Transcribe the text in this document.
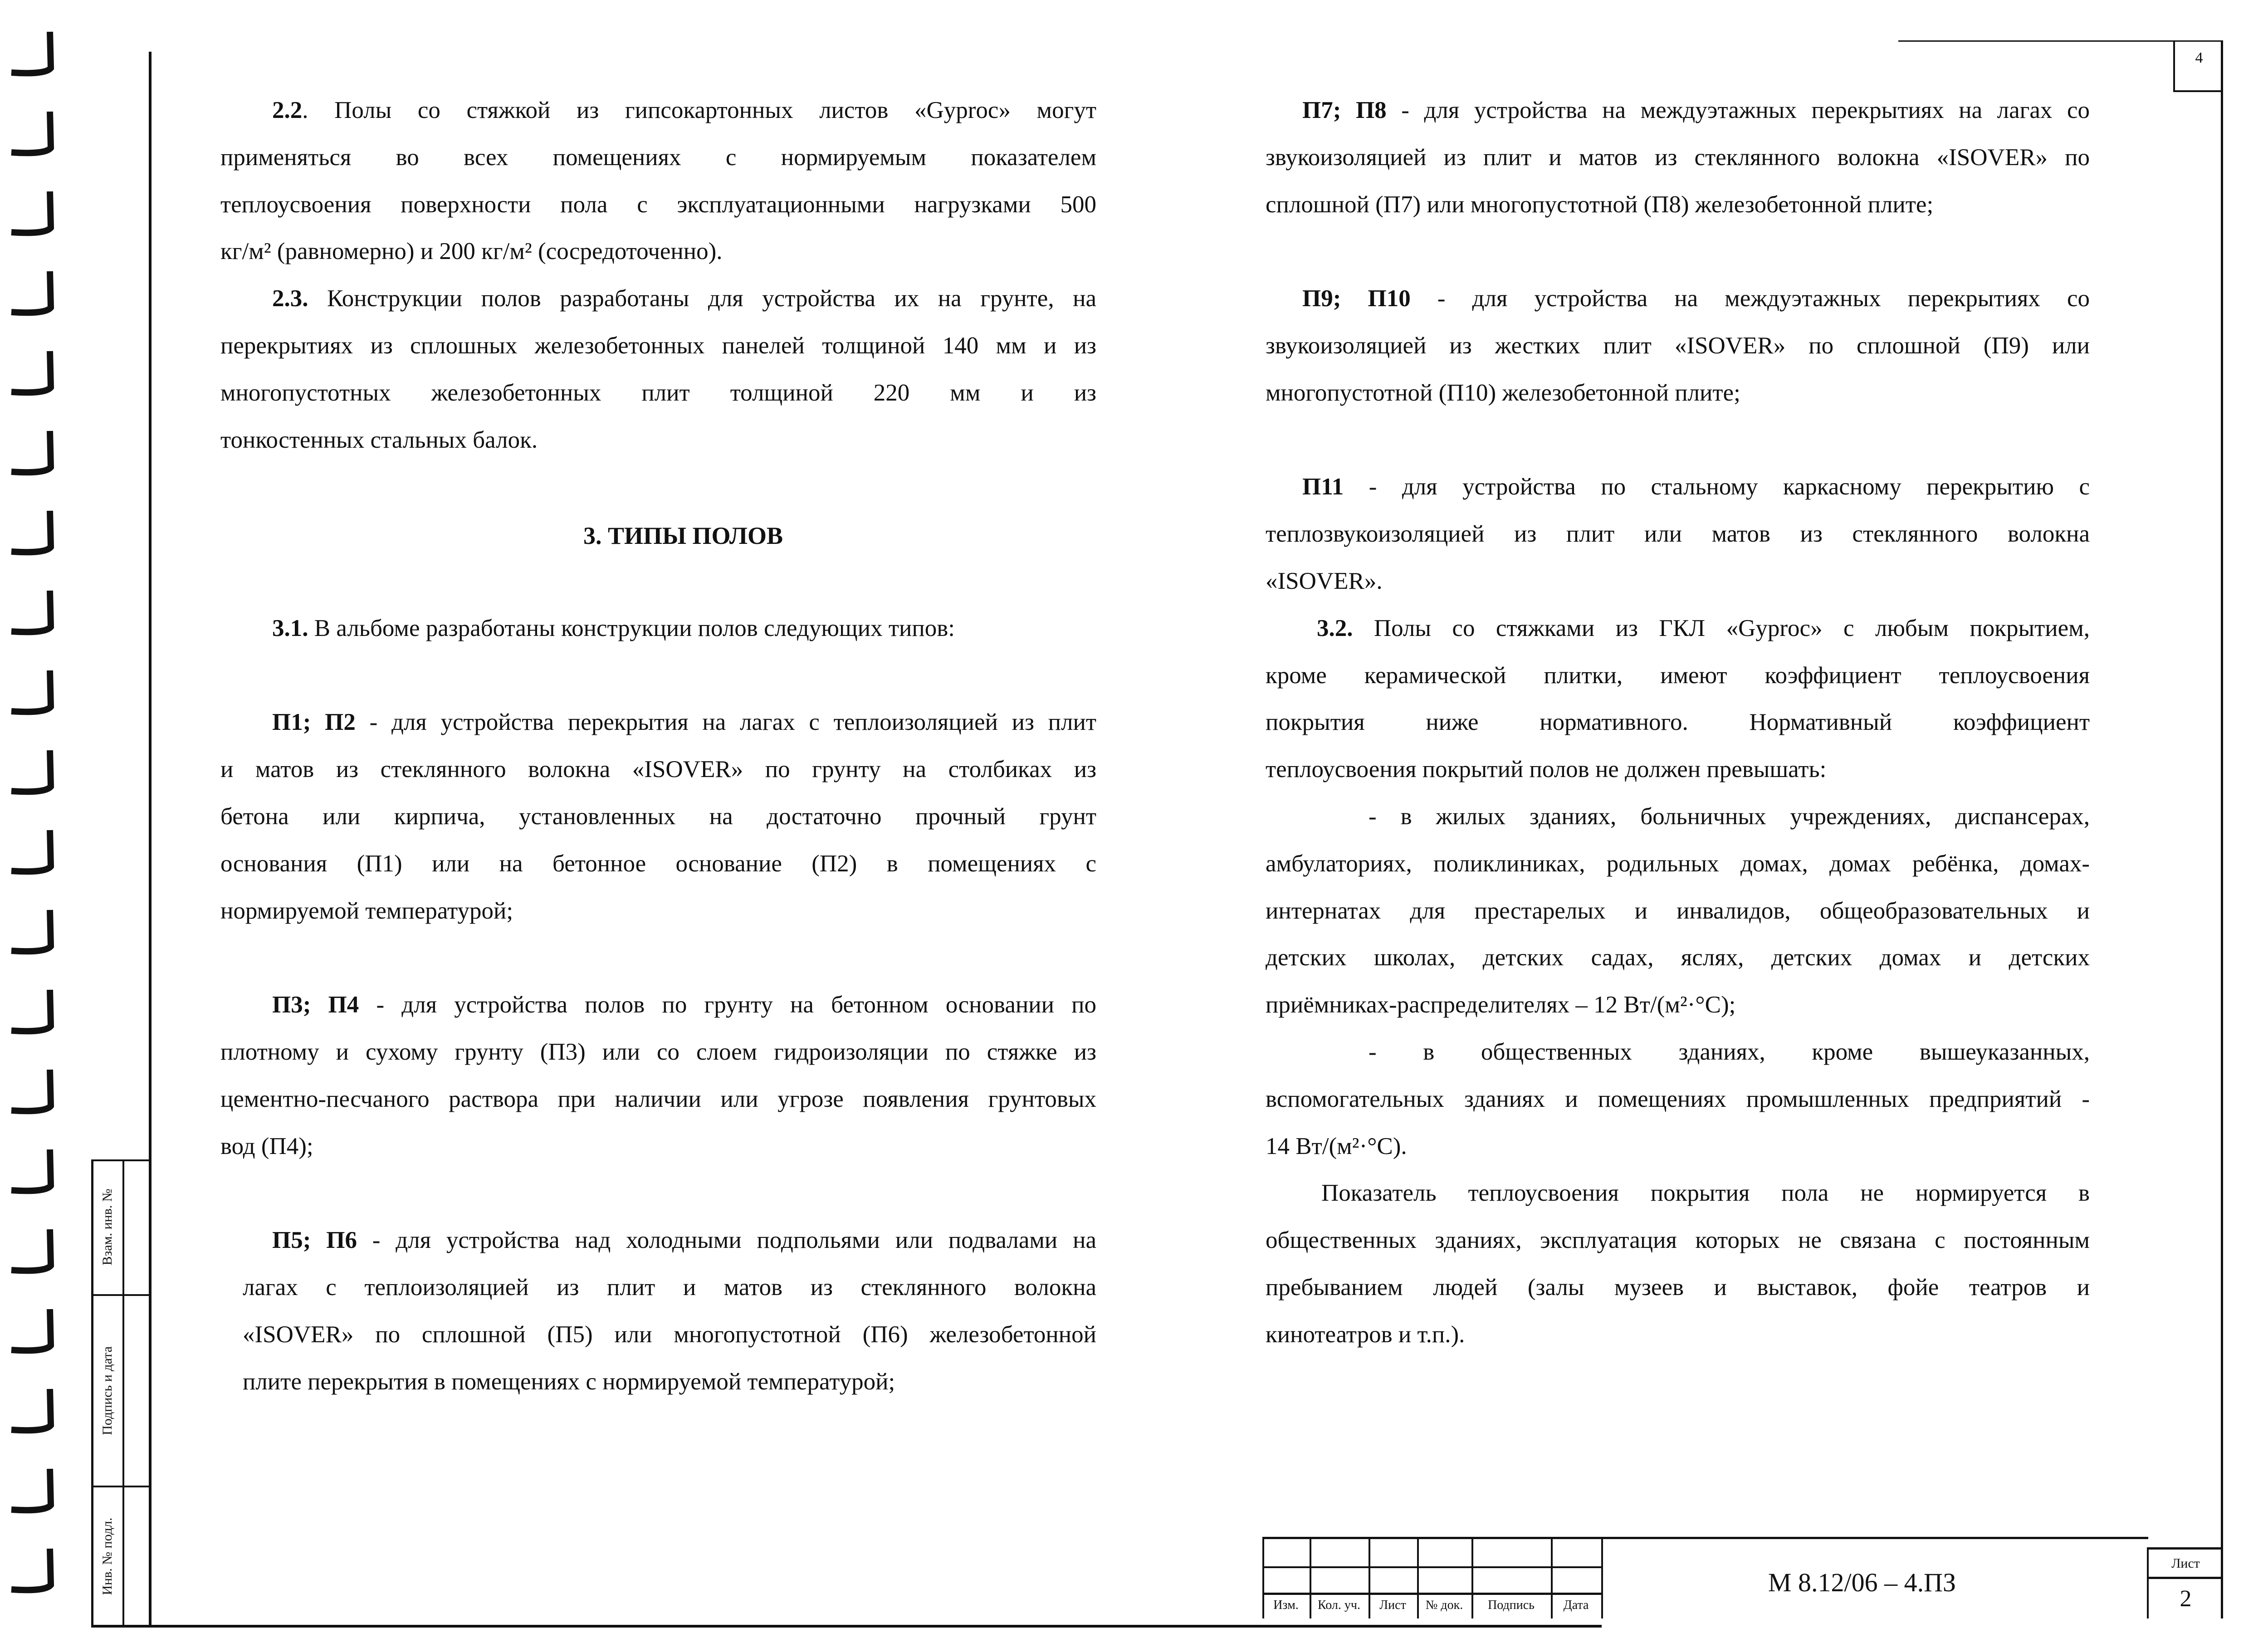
4
Взам. инв. №
Подпись и дата
Инв. № подл.
2.2. Полы со стяжкой из гипсокартонных листов «Gyproc» могут
применяться во всех помещениях с нормируемым показателем
теплоусвоения поверхности пола с эксплуатационными нагрузками 500
кг/м² (равномерно) и 200 кг/м² (сосредоточенно).
2.3. Конструкции полов разработаны для устройства их на грунте, на
перекрытиях из сплошных железобетонных панелей толщиной 140 мм и из
многопустотных железобетонных плит толщиной 220 мм и из
тонкостенных стальных балок.
3.1. В альбоме разработаны конструкции полов следующих типов:
П1; П2 - для устройства перекрытия на лагах с теплоизоляцией из плит
и матов из стеклянного волокна «ISOVER» по грунту на столбиках из
бетона или кирпича, установленных на достаточно прочный грунт
основания (П1) или на бетонное основание (П2) в помещениях с
нормируемой температурой;
П3; П4 - для устройства полов по грунту на бетонном основании по
плотному и сухому грунту (П3) или со слоем гидроизоляции по стяжке из
цементно-песчаного раствора при наличии или угрозе появления грунтовых
вод (П4);
П5; П6 - для устройства над холодными подпольями или подвалами на
лагах с теплоизоляцией из плит и матов из стеклянного волокна
«ISOVER» по сплошной (П5) или многопустотной (П6) железобетонной
плите перекрытия в помещениях с нормируемой температурой;
П7; П8 - для устройства на междуэтажных перекрытиях на лагах со
звукоизоляцией из плит и матов из стеклянного волокна «ISOVER» по
сплошной (П7) или многопустотной (П8) железобетонной плите;
П9; П10 - для устройства на междуэтажных перекрытиях со
звукоизоляцией из жестких плит «ISOVER» по сплошной (П9) или
многопустотной (П10) железобетонной плите;
П11 - для устройства по стальному каркасному перекрытию с
теплозвукоизоляцией из плит или матов из стеклянного волокна
«ISOVER».
3.2. Полы со стяжками из ГКЛ «Gyproc» с любым покрытием,
кроме керамической плитки, имеют коэффициент теплоусвоения
покрытия ниже нормативного. Нормативный коэффициент
теплоусвоения покрытий полов не должен превышать:
- в жилых зданиях, больничных учреждениях, диспансерах,
амбулаториях, поликлиниках, родильных домах, домах ребёнка, домах-
интернатах для престарелых и инвалидов, общеобразовательных и
детских школах, детских садах, яслях, детских домах и детских
приёмниках-распределителях – 12 Вт/(м²·°С);
- в общественных зданиях, кроме вышеуказанных,
вспомогательных зданиях и помещениях промышленных предприятий -
14 Вт/(м²·°С).
Показатель теплоусвоения покрытия пола не нормируется в
общественных зданиях, эксплуатация которых не связана с постоянным
пребыванием людей (залы музеев и выставок, фойе театров и
кинотеатров и т.п.).
3. ТИПЫ ПОЛОВ
М 8.12/06 – 4.ПЗ
Лист
2
Изм.	Кол. уч.	Лист	№ док.	Подпись	Дата
